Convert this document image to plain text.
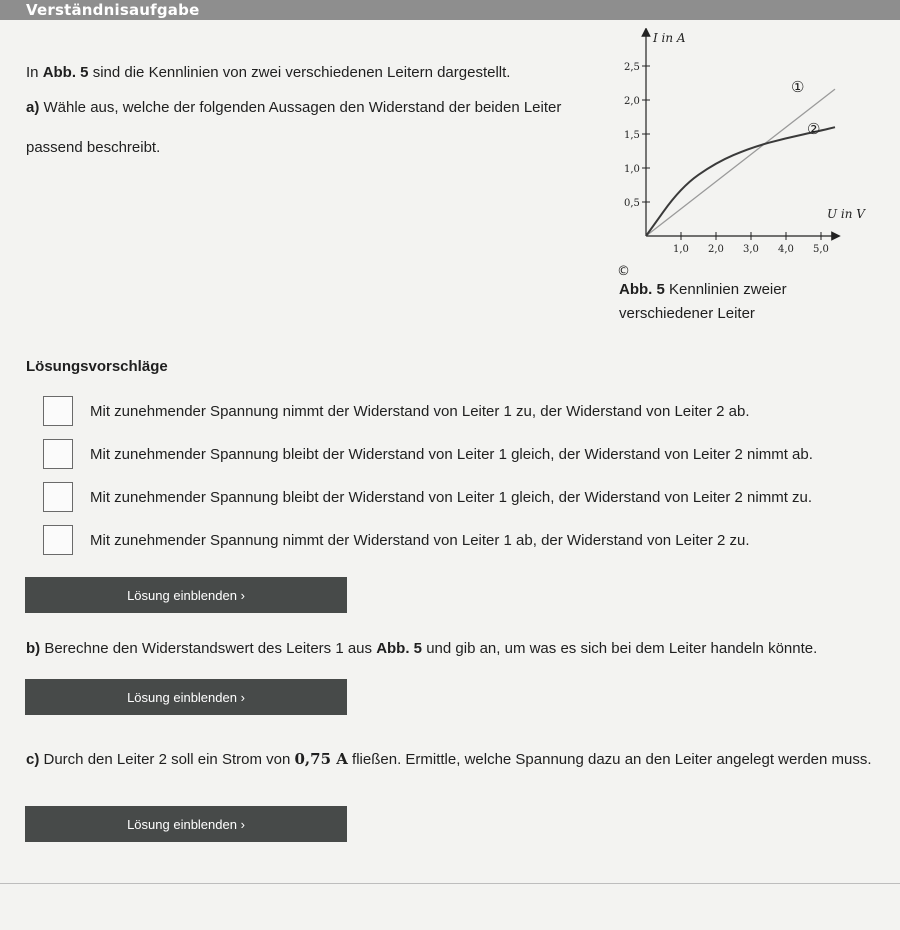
Verständnisaufgabe
In Abb. 5 sind die Kennlinien von zwei verschiedenen Leitern dargestellt.
a) Wähle aus, welche der folgenden Aussagen den Widerstand der beiden Leiter passend beschreibt.
0,5
1,0
1,5
2,0
2,5
1,0 2,0 3,0 4,0 5,0
I in A
U in V
①
②
©
Abb. 5 Kennlinien zweier verschiedener Leiter
Lösungsvorschläge
Mit zunehmender Spannung nimmt der Widerstand von Leiter 1 zu, der Widerstand von Leiter 2 ab.
Mit zunehmender Spannung bleibt der Widerstand von Leiter 1 gleich, der Widerstand von Leiter 2 nimmt ab.
Mit zunehmender Spannung bleibt der Widerstand von Leiter 1 gleich, der Widerstand von Leiter 2 nimmt zu.
Mit zunehmender Spannung nimmt der Widerstand von Leiter 1 ab, der Widerstand von Leiter 2 zu.
Lösung einblenden ›
b) Berechne den Widerstandswert des Leiters 1 aus Abb. 5 und gib an, um was es sich bei dem Leiter handeln könnte.
Lösung einblenden ›
c) Durch den Leiter 2 soll ein Strom von 0,75 A fließen. Ermittle, welche Spannung dazu an den Leiter angelegt werden muss.
Lösung einblenden ›
